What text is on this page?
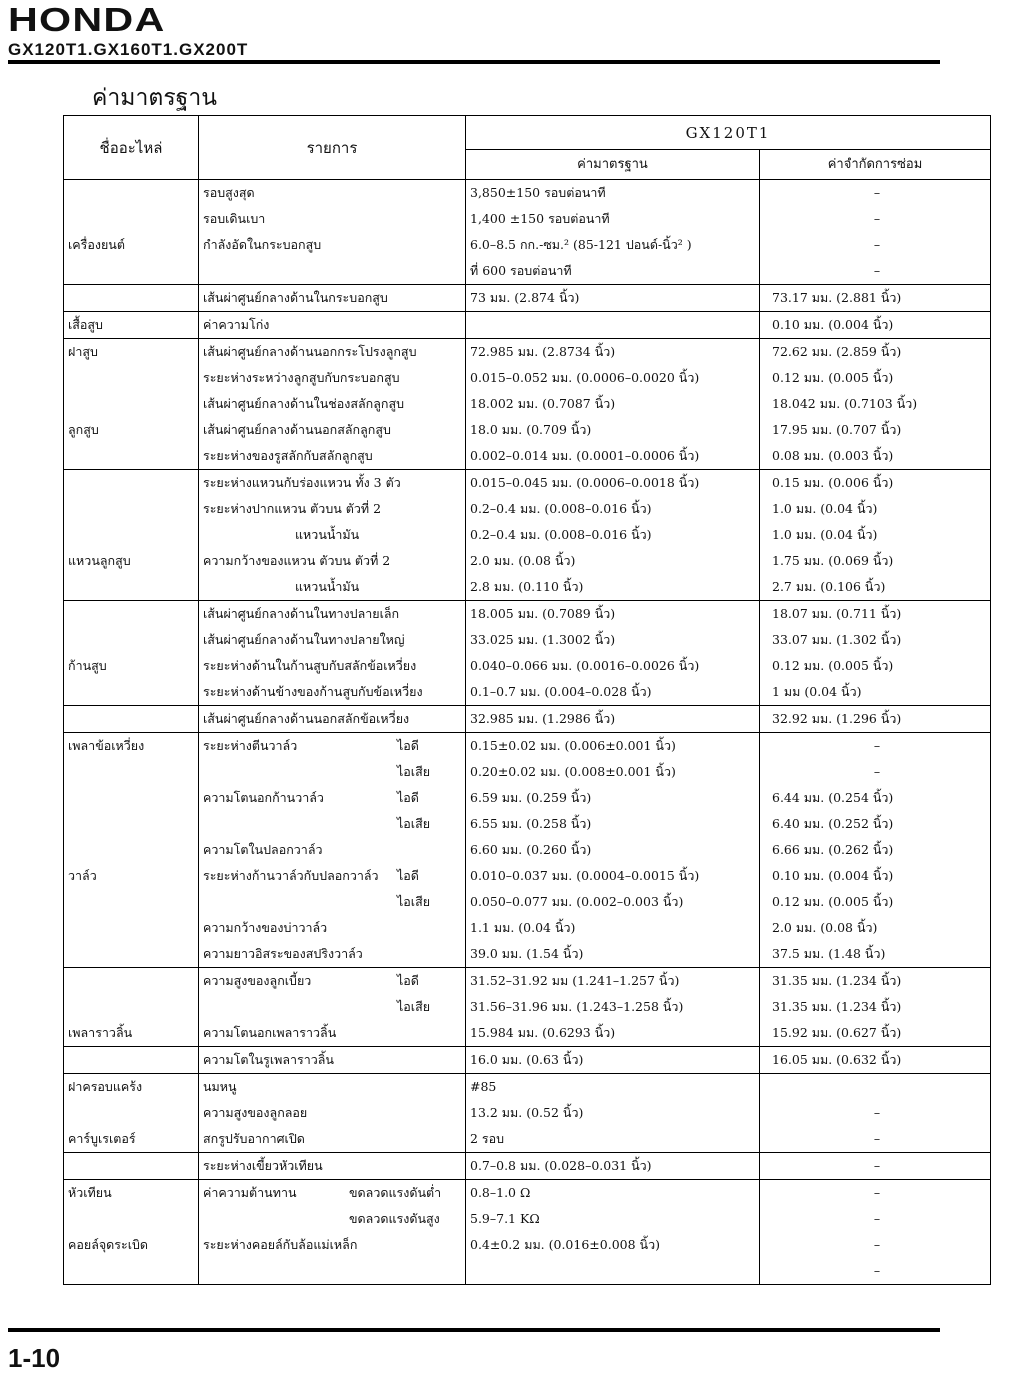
HONDA
GX120T1.GX160T1.GX200T
ค่ามาตรฐาน
ชื่ออะไหล่	รายการ	GX120T1	
		ค่ามาตรฐาน	ค่าจำกัดการซ่อม
	รอบสูงสุด	3,850±150 รอบต่อนาที	–
	รอบเดินเบา	1,400 ±150 รอบต่อนาที	–
เครื่องยนต์	กำลังอัดในกระบอกสูบ	6.0–8.5 กก.-ซม.² (85-121 ปอนด์-นิ้ว² )	–
		ที่ 600 รอบต่อนาที	–
	เส้นผ่าศูนย์กลางด้านในกระบอกสูบ	73 มม. (2.874 นิ้ว)	73.17 มม. (2.881 นิ้ว)
เสื้อสูบ	ค่าความโก่ง		0.10 มม. (0.004 นิ้ว)
ฝาสูบ	เส้นผ่าศูนย์กลางด้านนอกกระโปรงลูกสูบ	72.985 มม. (2.8734 นิ้ว)	72.62 มม. (2.859 นิ้ว)
	ระยะห่างระหว่างลูกสูบกับกระบอกสูบ	0.015–0.052 มม. (0.0006–0.0020 นิ้ว)	0.12 มม. (0.005 นิ้ว)
	เส้นผ่าศูนย์กลางด้านในช่องสลักลูกสูบ	18.002 มม. (0.7087 นิ้ว)	18.042 มม. (0.7103 นิ้ว)
ลูกสูบ	เส้นผ่าศูนย์กลางด้านนอกสลักลูกสูบ	18.0 มม. (0.709 นิ้ว)	17.95 มม. (0.707 นิ้ว)
	ระยะห่างของรูสลักกับสลักลูกสูบ	0.002–0.014 มม. (0.0001–0.0006 นิ้ว)	0.08 มม. (0.003 นิ้ว)
	ระยะห่างแหวนกับร่องแหวน ทั้ง 3 ตัว	0.015–0.045 มม. (0.0006–0.0018 นิ้ว)	0.15 มม. (0.006 นิ้ว)
	ระยะห่างปากแหวน ตัวบน ตัวที่ 2	0.2–0.4 มม. (0.008–0.016 นิ้ว)	1.0 มม. (0.04 นิ้ว)
	แหวนน้ำมัน	0.2–0.4 มม. (0.008–0.016 นิ้ว)	1.0 มม. (0.04 นิ้ว)
แหวนลูกสูบ	ความกว้างของแหวน ตัวบน ตัวที่ 2	2.0 มม. (0.08 นิ้ว)	1.75 มม. (0.069 นิ้ว)
	แหวนน้ำมัน	2.8 มม. (0.110 นิ้ว)	2.7 มม. (0.106 นิ้ว)
	เส้นผ่าศูนย์กลางด้านในทางปลายเล็ก	18.005 มม. (0.7089 นิ้ว)	18.07 มม. (0.711 นิ้ว)
	เส้นผ่าศูนย์กลางด้านในทางปลายใหญ่	33.025 มม. (1.3002 นิ้ว)	33.07 มม. (1.302 นิ้ว)
ก้านสูบ	ระยะห่างด้านในก้านสูบกับสลักข้อเหวี่ยง	0.040–0.066 มม. (0.0016–0.0026 นิ้ว)	0.12 มม. (0.005 นิ้ว)
	ระยะห่างด้านข้างของก้านสูบกับข้อเหวี่ยง	0.1–0.7 มม. (0.004–0.028 นิ้ว)	1 มม (0.04 นิ้ว)
	เส้นผ่าศูนย์กลางด้านนอกสลักข้อเหวี่ยง	32.985 มม. (1.2986 นิ้ว)	32.92 มม. (1.296 นิ้ว)
เพลาข้อเหวี่ยง	ระยะห่างตีนวาล์ว ไอดี	0.15±0.02 มม. (0.006±0.001 นิ้ว)	–
	ไอเสีย	0.20±0.02 มม. (0.008±0.001 นิ้ว)	–
	ความโตนอกก้านวาล์ว ไอดี	6.59 มม. (0.259 นิ้ว)	6.44 มม. (0.254 นิ้ว)
	ไอเสีย	6.55 มม. (0.258 นิ้ว)	6.40 มม. (0.252 นิ้ว)
	ความโตในปลอกวาล์ว	6.60 มม. (0.260 นิ้ว)	6.66 มม. (0.262 นิ้ว)
วาล์ว	ระยะห่างก้านวาล์วกับปลอกวาล์ว ไอดี	0.010–0.037 มม. (0.0004–0.0015 นิ้ว)	0.10 มม. (0.004 นิ้ว)
	ไอเสีย	0.050–0.077 มม. (0.002–0.003 นิ้ว)	0.12 มม. (0.005 นิ้ว)
	ความกว้างของบ่าวาล์ว	1.1 มม. (0.04 นิ้ว)	2.0 มม. (0.08 นิ้ว)
	ความยาวอิสระของสปริงวาล์ว	39.0 มม. (1.54 นิ้ว)	37.5 มม. (1.48 นิ้ว)
	ความสูงของลูกเบี้ยว ไอดี	31.52–31.92 มม (1.241–1.257 นิ้ว)	31.35 มม. (1.234 นิ้ว)
	ไอเสีย	31.56–31.96 มม. (1.243–1.258 นิ้ว)	31.35 มม. (1.234 นิ้ว)
เพลาราวลิ้น	ความโตนอกเพลาราวลิ้น	15.984 มม. (0.6293 นิ้ว)	15.92 มม. (0.627 นิ้ว)
	ความโตในรูเพลาราวลิ้น	16.0 มม. (0.63 นิ้ว)	16.05 มม. (0.632 นิ้ว)
ฝาครอบแคร้ง	นมหนู	#85	
	ความสูงของลูกลอย	13.2 มม. (0.52 นิ้ว)	–
คาร์บูเรเตอร์	สกรูปรับอากาศเปิด	2 รอบ	–
	ระยะห่างเขี้ยวหัวเทียน	0.7–0.8 มม. (0.028–0.031 นิ้ว)	–
หัวเทียน	ค่าความต้านทาน ขดลวดแรงดันต่ำ	0.8–1.0 Ω	–
	ขดลวดแรงดันสูง	5.9–7.1 KΩ	–
คอยล์จุดระเบิด	ระยะห่างคอยล์กับล้อแม่เหล็ก	0.4±0.2 มม. (0.016±0.008 นิ้ว)	–
			–
1-10
